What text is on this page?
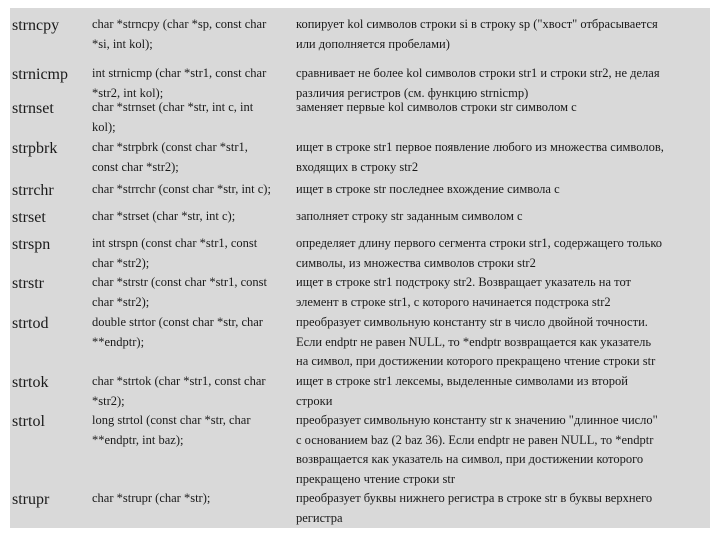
strncpy	char *strncpy (char *sp, const char
*si, int kol);
копирует kol символов строки si в строку sp ("хвост" отбрасывается
или дополняется пробелами)
strnicmp	int strnicmp (char *str1, const char
*str2, int kol);
сравнивает не более kol символов строки str1 и строки str2, не делая
различия регистров (см. функцию strnicmp)
strnset	char *strnset (char *str, int c, int
kol);
заменяет первые kol символов строки str символом c
strpbrk	char *strpbrk (const char *str1,
const char *str2);
ищет в строке str1 первое появление любого из множества символов,
входящих в строку str2
strrchr	char *strrchr (const char *str, int c);	ищет в строке str последнее вхождение символа с
strset	char *strset (char *str, int c);	заполняет строку str заданным символом c
strspn	int strspn (const char *str1, const
char *str2);
определяет длину первого сегмента строки str1, содержащего только
символы, из множества символов строки str2
strstr	char *strstr (const char *str1, const
char *str2);
ищет в строке str1 подстроку str2. Возвращает указатель на тот
элемент в строке str1, с которого начинается подстрока str2
strtod	double strtor (const char *str, char
**endptr);
преобразует символьную константу str в число двойной точности.
Если endptr не равен NULL, то *endptr возвращается как указатель
на символ, при достижении которого прекращено чтение строки str
strtok	char *strtok (char *str1, const char
*str2);
ищет в строке str1 лексемы, выделенные символами из второй
строки
strtol	long strtol (const char *str, char
**endptr, int baz);
преобразует символьную константу str к значению "длинное число"
с основанием baz (2 baz 36). Если endptr не равен NULL, то *endptr
возвращается как указатель на символ, при достижении которого
прекращено чтение строки str
strupr	char *strupr (char *str);	преобразует буквы нижнего регистра в строке str в буквы верхнего
регистра
